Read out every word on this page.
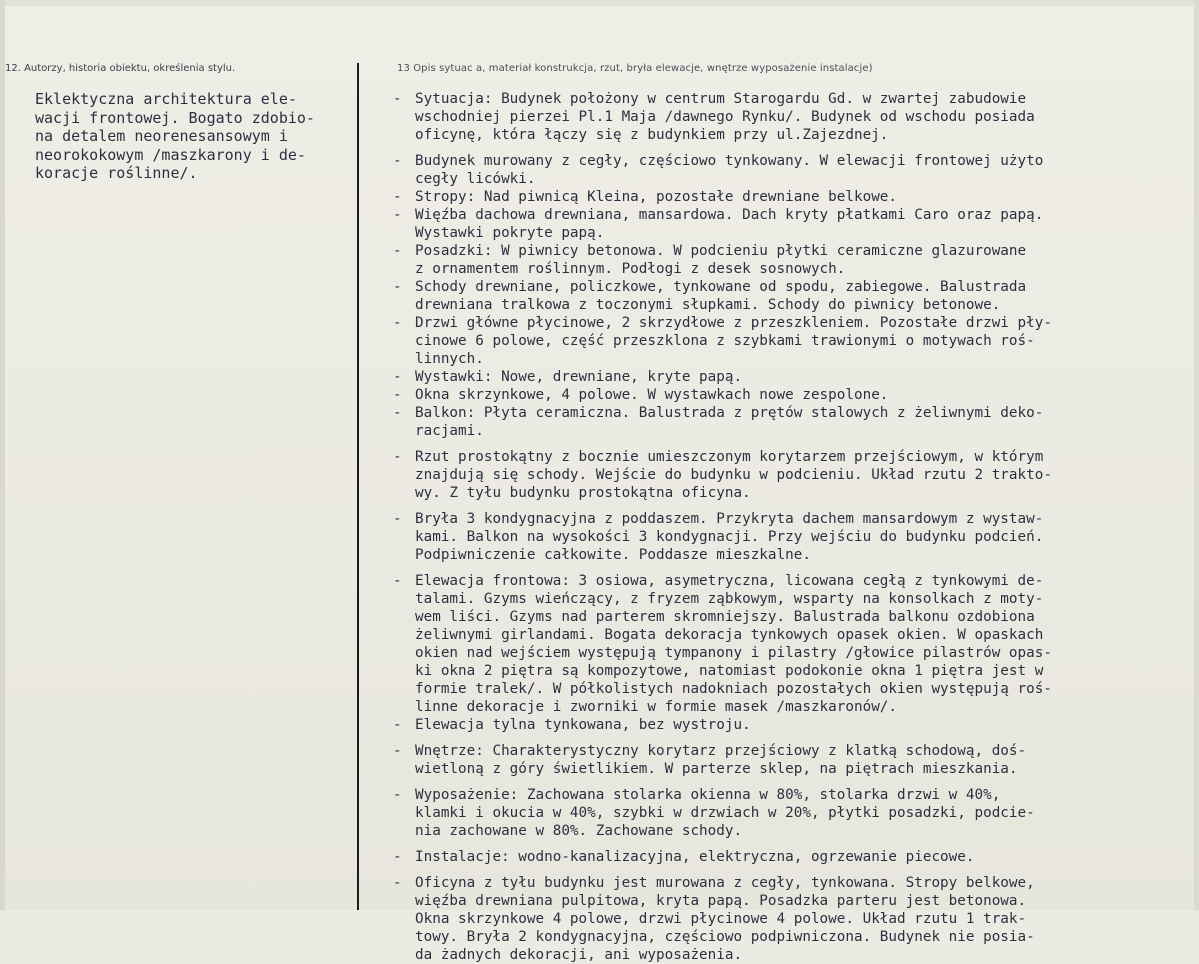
12. Autorzy, historia obiektu, określenia stylu.	13 Opis sytuac a, materiał konstrukcja, rzut, bryła elewacje, wnętrze wyposażenie instalacje)
Eklektyczna architektura ele-
wacji frontowej. Bogato zdobio-
na detalem neorenesansowym i
neorokokowym /maszkarony i de-
koracje roślinne/.
- Sytuacja: Budynek położony w centrum Starogardu Gd. w zwartej zabudowie
wschodniej pierzei Pl.1 Maja /dawnego Rynku/. Budynek od wschodu posiada
oficynę, która łączy się z budynkiem przy ul.Zajezdnej.
- Budynek murowany z cegły, częściowo tynkowany. W elewacji frontowej użyto
cegły licówki.
- Stropy: Nad piwnicą Kleina, pozostałe drewniane belkowe.
- Więźba dachowa drewniana, mansardowa. Dach kryty płatkami Caro oraz papą.
Wystawki pokryte papą.
- Posadzki: W piwnicy betonowa. W podcieniu płytki ceramiczne glazurowane
z ornamentem roślinnym. Podłogi z desek sosnowych.
- Schody drewniane, policzkowe, tynkowane od spodu, zabiegowe. Balustrada
drewniana tralkowa z toczonymi słupkami. Schody do piwnicy betonowe.
- Drzwi główne płycinowe, 2 skrzydłowe z przeszkleniem. Pozostałe drzwi pły-
cinowe 6 polowe, część przeszklona z szybkami trawionymi o motywach roś-
linnych.
- Wystawki: Nowe, drewniane, kryte papą.
- Okna skrzynkowe, 4 polowe. W wystawkach nowe zespolone.
- Balkon: Płyta ceramiczna. Balustrada z prętów stalowych z żeliwnymi deko-
racjami.
- Rzut prostokątny z bocznie umieszczonym korytarzem przejściowym, w którym
znajdują się schody. Wejście do budynku w podcieniu. Układ rzutu 2 trakto-
wy. Z tyłu budynku prostokątna oficyna.
- Bryła 3 kondygnacyjna z poddaszem. Przykryta dachem mansardowym z wystaw-
kami. Balkon na wysokości 3 kondygnacji. Przy wejściu do budynku podcień.
Podpiwniczenie całkowite. Poddasze mieszkalne.
- Elewacja frontowa: 3 osiowa, asymetryczna, licowana cegłą z tynkowymi de-
talami. Gzyms wieńczący, z fryzem ząbkowym, wsparty na konsolkach z moty-
wem liści. Gzyms nad parterem skromniejszy. Balustrada balkonu ozdobiona
żeliwnymi girlandami. Bogata dekoracja tynkowych opasek okien. W opaskach
okien nad wejściem występują tympanony i pilastry /głowice pilastrów opas-
ki okna 2 piętra są kompozytowe, natomiast podokonie okna 1 piętra jest w
formie tralek/. W półkolistych nadokniach pozostałych okien występują roś-
linne dekoracje i zworniki w formie masek /maszkaronów/.
- Elewacja tylna tynkowana, bez wystroju.
- Wnętrze: Charakterystyczny korytarz przejściowy z klatką schodową, doś-
wietloną z góry świetlikiem. W parterze sklep, na piętrach mieszkania.
- Wyposażenie: Zachowana stolarka okienna w 80%, stolarka drzwi w 40%,
klamki i okucia w 40%, szybki w drzwiach w 20%, płytki posadzki, podcie-
nia zachowane w 80%. Zachowane schody.
- Instalacje: wodno-kanalizacyjna, elektryczna, ogrzewanie piecowe.
- Oficyna z tyłu budynku jest murowana z cegły, tynkowana. Stropy belkowe,
więźba drewniana pulpitowa, kryta papą. Posadzka parteru jest betonowa.
Okna skrzynkowe 4 polowe, drzwi płycinowe 4 polowe. Układ rzutu 1 trak-
towy. Bryła 2 kondygnacyjna, częściowo podpiwniczona. Budynek nie posia-
da żadnych dekoracji, ani wyposażenia.
